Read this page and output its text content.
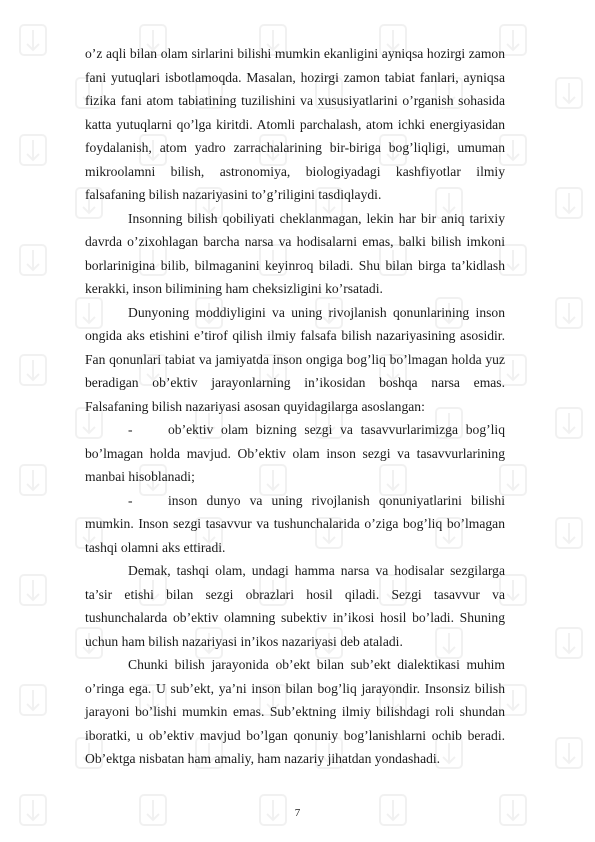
o’z aqli bilan olam sirlarini bilishi mumkin ekanligini ayniqsa hozirgi zamon fani yutuqlari isbotlamoqda. Masalan, hozirgi zamon tabiat fanlari, ayniqsa fizika fani atom tabiatining tuzilishini va xususiyatlarini o’rganish sohasida katta yutuqlarni qo’lga kiritdi. Atomli parchalash, atom ichki energiyasidan foydalanish, atom yadro zarrachalarining bir-biriga bog’liqligi, umuman mikroolamni bilish, astronomiya, biologiyadagi kashfiyotlar ilmiy falsafaning bilish nazariyasini to’g’riligini tasdiqlaydi.

Insonning bilish qobiliyati cheklanmagan, lekin har bir aniq tarixiy davrda o’zixohlagan barcha narsa va hodisalarni emas, balki bilish imkoni borlarinigina bilib, bilmaganini keyinroq biladi. Shu bilan birga ta’kidlash kerakki, inson bilimining ham cheksizligini ko’rsatadi.

Dunyoning moddiyligini va uning rivojlanish qonunlarining inson ongida aks etishini e’tirof qilish ilmiy falsafa bilish nazariyasining asosidir. Fan qonunlari tabiat va jamiyatda inson ongiga bog’liq bo’lmagan holda yuz beradigan ob’ektiv jarayonlarning in’ikosidan boshqa narsa emas. Falsafaning bilish nazariyasi asosan quyidagilarga asoslangan:

-	ob’ektiv olam bizning sezgi va tasavvurlarimizga bog’liq bo’lmagan holda mavjud. Ob’ektiv olam inson sezgi va tasavvurlarining manbai hisoblanadi;

-	inson dunyo va uning rivojlanish qonuniyatlarini bilishi mumkin. Inson sezgi tasavvur va tushunchalarida o’ziga bog’liq bo’lmagan tashqi olamni aks ettiradi.

Demak, tashqi olam, undagi hamma narsa va hodisalar sezgilarga ta’sir etishi bilan sezgi obrazlari hosil qiladi. Sezgi tasavvur va tushunchalarda ob’ektiv olamning subektiv in’ikosi hosil bo’ladi. Shuning uchun ham bilish nazariyasi in’ikos nazariyasi deb ataladi.

Chunki bilish jarayonida ob’ekt bilan sub’ekt dialektikasi muhim o’ringa ega. U sub’ekt, ya’ni inson bilan bog’liq jarayondir. Insonsiz bilish jarayoni bo’lishi mumkin emas. Sub’ektning ilmiy bilishdagi roli shundan iboratki, u ob’ektiv mavjud bo’lgan qonuniy bog’lanishlarni ochib beradi. Ob’ektga nisbatan ham amaliy, ham nazariy jihatdan yondashadi.

7
